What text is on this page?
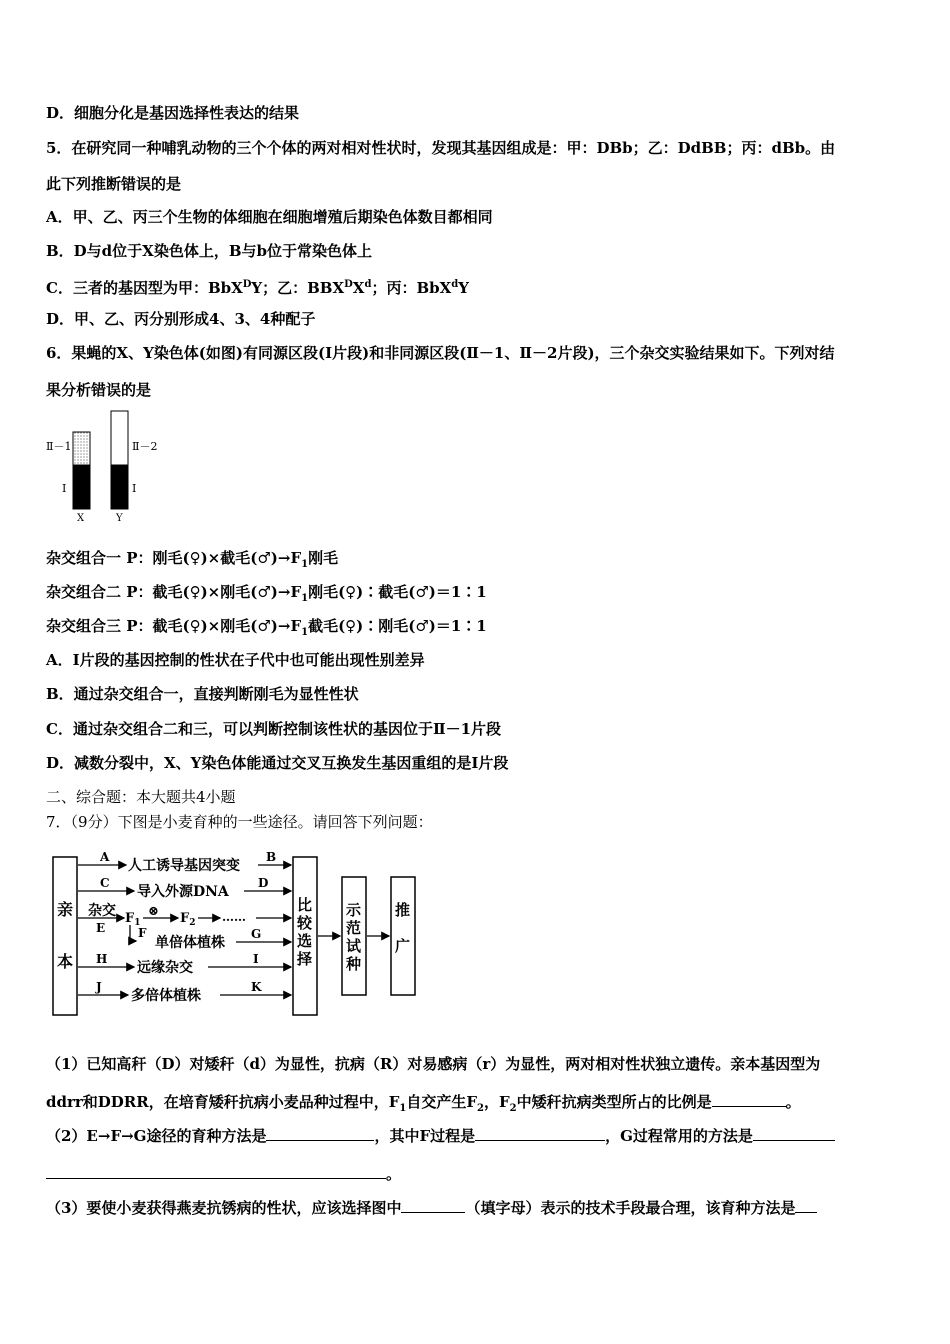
D．细胞分化是基因选择性表达的结果
5．在研究同一种哺乳动物的三个个体的两对相对性状时，发现其基因组成是：甲：DBb；乙：DdBB；丙：dBb。由
此下列推断错误的是
A．甲、乙、丙三个生物的体细胞在细胞增殖后期染色体数目都相同
B．D与d位于X染色体上，B与b位于常染色体上
C．三者的基因型为甲：BbX$^D$Y；乙：$BBX^DX^d$；丙：BbX$^d$Y
D．甲、乙、丙分别形成4、3、4种配子
6．果蝇的X、Y染色体(如图)有同源区段(Ⅰ片段)和非同源区段(Ⅱ－1、Ⅱ－2片段)，三个杂交实验结果如下。下列对结
果分析错误的是
Ⅱ－1	Ⅱ－2
Ⅰ	Ⅰ
X	Y
杂交组合一 P：刚毛(♀)×截毛$(♂)\to F_1$刚毛
杂交组合二 P：截毛(♀)×刚毛$(♂)\to F_1$刚毛(♀)∶截毛(♂)＝1∶1
杂交组合三 P：截毛(♀)×刚毛$(♂)\to F_1$截毛(♀)∶刚毛(♂)＝1∶1
A．Ⅰ片段的基因控制的性状在子代中也可能出现性别差异
B．通过杂交组合一，直接判断刚毛为显性性状
C．通过杂交组合二和三，可以判断控制该性状的基因位于Ⅱ－1片段
D．减数分裂中，X、Y染色体能通过交叉互换发生基因重组的是Ⅰ片段
二、综合题：本大题共4小题
7．（9分）下图是小麦育种的一些途径。请回答下列问题：
亲
本
比
较
选
择
示
范
试
种
推
广
A
人工诱导基因突变
B
C
导入外源DNA
D
杂交
E
$F_1$
⊗ $F_2$ ……
F
单倍体植株
G
H
远缘杂交
I
J
多倍体植株
K
（1）已知高秆（D）对矮秆（d）为显性，抗病（R）对易感病（r）为显性，两对相对性状独立遗传。亲本基因型为
ddrr和DDRR，在培育矮秆抗病小麦品种过程中，$F_1$自交产生$F_2$，$F_2$中矮秆抗病类型所占的比例是	。
（2）E→F→G途径的育种方法是	，其中F过程是	，G过程常用的方法是
。
（3）要使小麦获得燕麦抗锈病的性状，应该选择图中	（填字母）表示的技术手段最合理，该育种方法是
